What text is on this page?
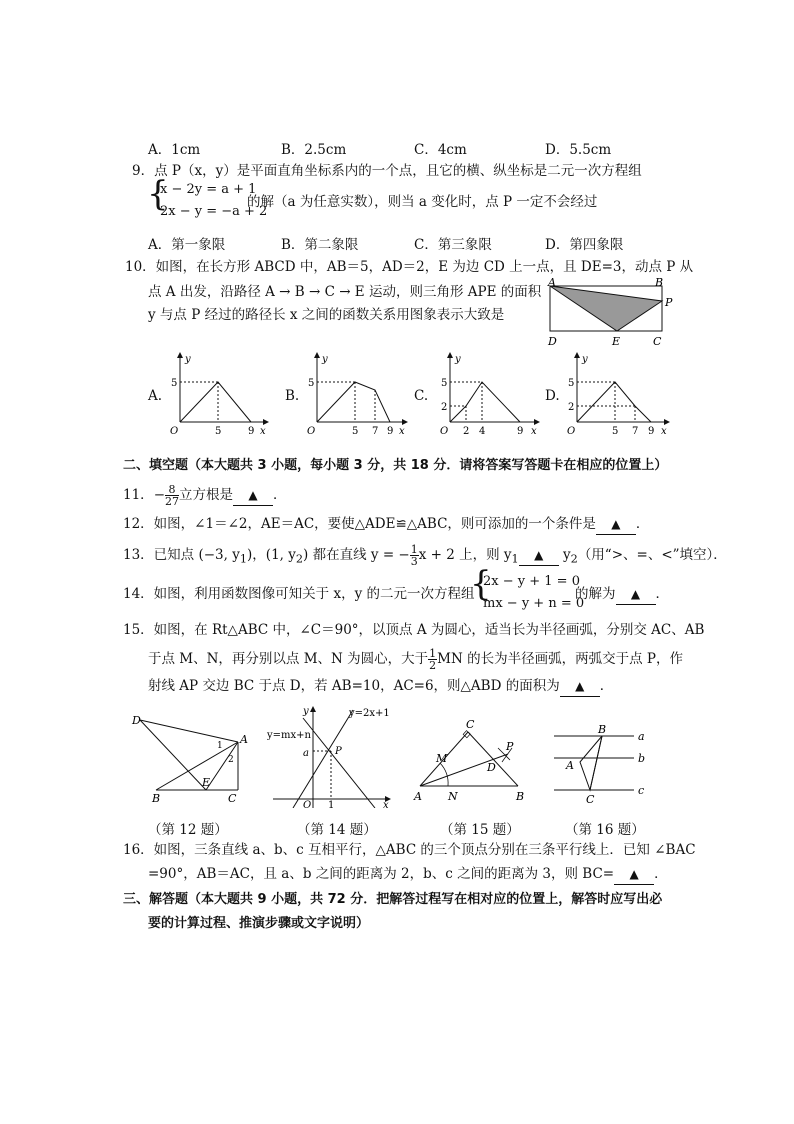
A．1cm	B．2.5cm	C．4cm	D．5.5cm
9．点 P（x，y）是平面直角坐标系内的一个点，且它的横、纵坐标是二元一次方程组
{
x − 2y = a + 1
2x − y = −a + 2
的解（a 为任意实数），则当 a 变化时，点 P 一定不会经过
A．第一象限	B．第二象限	C．第三象限	D．第四象限
10．如图，在长方形 ABCD 中，AB＝5，AD＝2，E 为边 CD 上一点，且 DE=3，动点 P 从
点 A 出发，沿路径 A → B → C → E 运动，则三角形 APE 的面积
y 与点 P 经过的路径长 x 之间的函数关系用图象表示大致是
A	B
P
D	E	C
A.
y
5
O	5	9 x
B.
y
5
O	5 7 9 x
C.
y
5
2
O 2 4	9 x
D.
y
5
2
O	5 7 9 x
二、填空题（本大题共 3 小题，每小题 3 分，共 18 分．请将答案写答题卡在相应的位置上）
11．− $\frac{8}{27}$ 立方根是 ▲ ．
12．如图，∠1＝∠2，AE＝AC，要使△ADE≌△ABC，则可添加的一个条件是 ▲ ．
13．已知点 (−3, $y_1$)，(1, $y_2$) 都在直线 y = − $\frac{1}{3}$ x + 2 上，则 $y_1$ ▲ $y_2$（用“>、=、<”填空）．
14．如图，利用函数图像可知关于 x，y 的二元一次方程组
{
2x − y + 1 = 0
mx − y + n = 0
的解为 ▲ ．
15．如图，在 Rt△ABC 中，∠C＝90°，以顶点 A 为圆心，适当长为半径画弧，分别交 AC、AB
于点 M、N，再分别以点 M、N 为圆心，大于 $\frac{1}{2}$ MN 的长为半径画弧，两弧交于点 P，作
射线 AP 交边 BC 于点 D，若 AB=10，AC=6，则△ABD 的面积为 ▲ ．
D
A
1
2
E
B	C
y	y=2x+1
y=mx+n
a	P
O 1	x
C
P
M
D
A N	B
B
a
A
b
C
c
（第 12 题）	（第 14 题）	（第 15 题）	（第 16 题）
16．如图，三条直线 a、b、c 互相平行，△ABC 的三个顶点分别在三条平行线上．已知 ∠BAC
=90°，AB＝AC，且 a、b 之间的距离为 2，b、c 之间的距离为 3，则 BC= ▲ ．
三、解答题（本大题共 9 小题，共 72 分．把解答过程写在相对应的位置上，解答时应写出必
要的计算过程、推演步骤或文字说明）
